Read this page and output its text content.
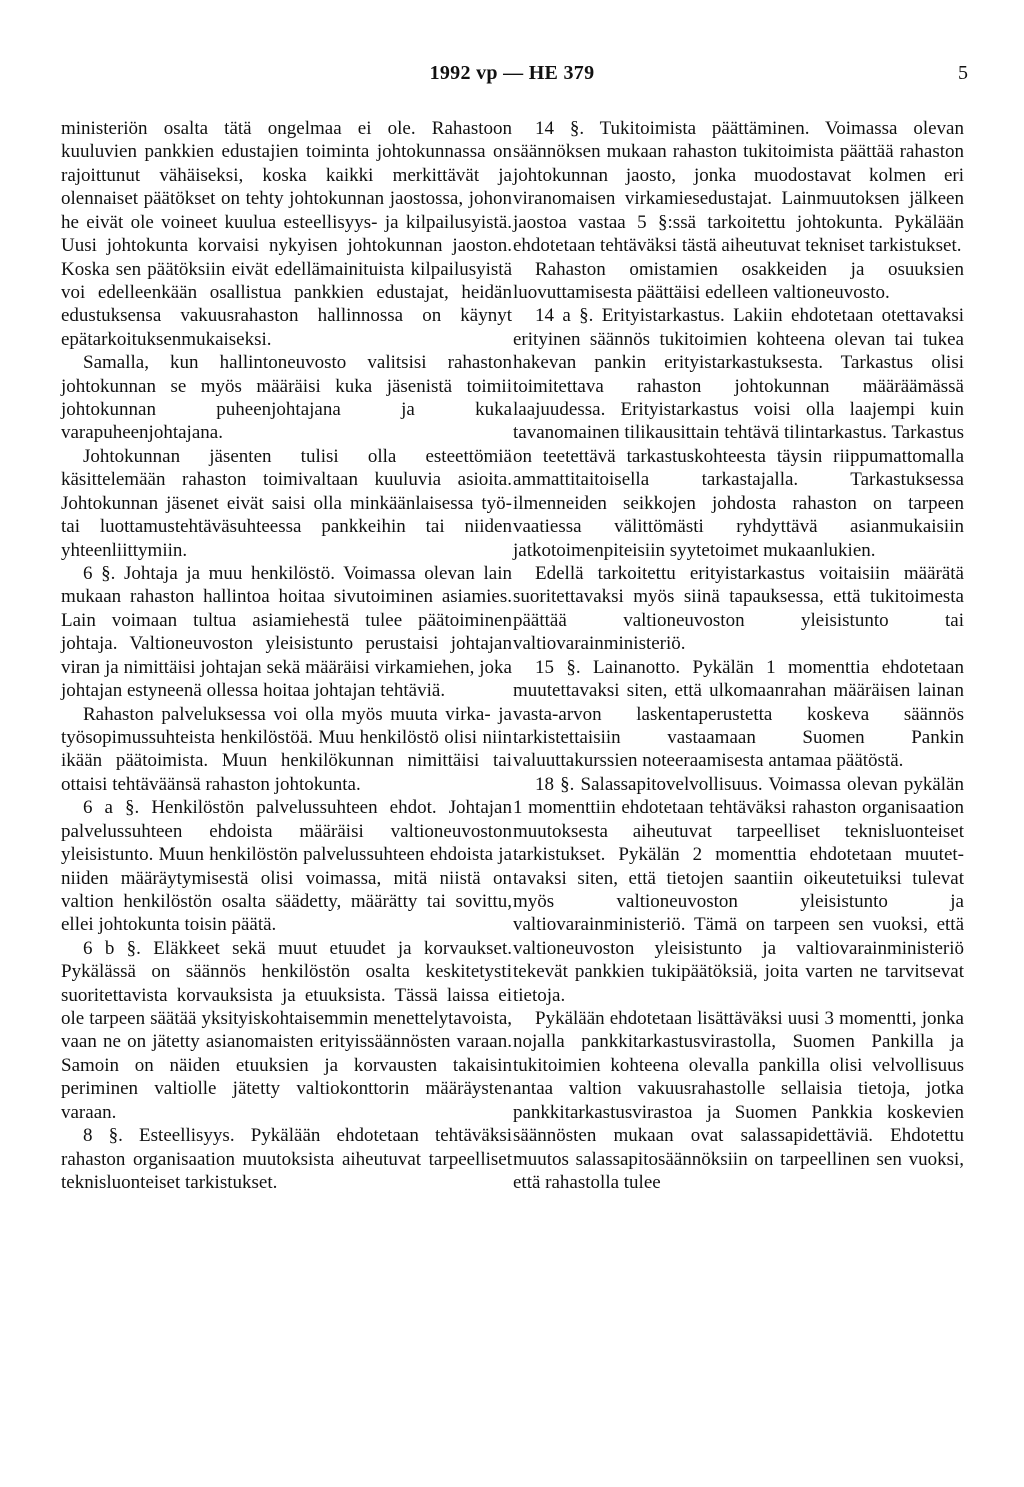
1992 vp — HE 379	5

ministeriön osalta tätä ongelmaa ei ole. Rahastoon kuuluvien pankkien edustajien toiminta johtokunnassa on rajoittunut vähäiseksi, koska kaikki merkittävät ja olennaiset päätökset on tehty johtokunnan jaostossa, johon he eivät ole voineet kuulua esteellisyys- ja kilpailusyistä. Uusi johtokunta korvaisi nykyisen johtokunnan jaoston. Koska sen päätöksiin eivät edellämainituista kilpailusyistä voi edelleenkään osallistua pankkien edustajat, heidän edustuksensa vakuusrahaston hallinnossa on käynyt epätarkoituksenmukaiseksi.

Samalla, kun hallintoneuvosto valitsisi rahaston johtokunnan se myös määräisi kuka jäsenistä toimii johtokunnan puheenjohtajana ja kuka varapuheenjohtajana.

Johtokunnan jäsenten tulisi olla esteettömiä käsittelemään rahaston toimivaltaan kuuluvia asioita. Johtokunnan jäsenet eivät saisi olla minkäänlaisessa työ- tai luottamustehtäväsuhteessa pankkeihin tai niiden yhteenliittymiin.

6 §. Johtaja ja muu henkilöstö. Voimassa olevan lain mukaan rahaston hallintoa hoitaa sivutoiminen asiamies. Lain voimaan tultua asiamiehestä tulee päätoiminen johtaja. Valtioneuvoston yleisistunto perustaisi johtajan viran ja nimittäisi johtajan sekä määräisi virkamiehen, joka johtajan estyneenä ollessa hoitaa johtajan tehtäviä.

Rahaston palveluksessa voi olla myös muuta virka- ja työsopimussuhteista henkilöstöä. Muu henkilöstö olisi niin ikään päätoimista. Muun henkilökunnan nimittäisi tai ottaisi tehtäväänsä rahaston johtokunta.

6 a §. Henkilöstön palvelussuhteen ehdot. Johtajan palvelussuhteen ehdoista määräisi valtioneuvoston yleisistunto. Muun henkilöstön palvelussuhteen ehdoista ja niiden määräytymisestä olisi voimassa, mitä niistä on valtion henkilöstön osalta säädetty, määrätty tai sovittu, ellei johtokunta toisin päätä.

6 b §. Eläkkeet sekä muut etuudet ja korvaukset. Pykälässä on säännös henkilöstön osalta keskitetysti suoritettavista korvauksista ja etuuksista. Tässä laissa ei ole tarpeen säätää yksityiskohtaisemmin menettelytavoista, vaan ne on jätetty asianomaisten erityissäännösten varaan. Samoin on näiden etuuksien ja korvausten takaisin periminen valtiolle jätetty valtiokonttorin määräysten varaan.

8 §. Esteellisyys. Pykälään ehdotetaan tehtäväksi rahaston organisaation muutoksista aiheutuvat tarpeelliset teknisluonteiset tarkistukset.

14 §. Tukitoimista päättäminen. Voimassa olevan säännöksen mukaan rahaston tukitoimista päättää rahaston johtokunnan jaosto, jonka muodostavat kolmen eri viranomaisen virkamiesedustajat. Lainmuutoksen jälkeen jaostoa vastaa 5 §:ssä tarkoitettu johtokunta. Pykälään ehdotetaan tehtäväksi tästä aiheutuvat tekniset tarkistukset.

Rahaston omistamien osakkeiden ja osuuksien luovuttamisesta päättäisi edelleen valtioneuvosto.

14 a §. Erityistarkastus. Lakiin ehdotetaan otettavaksi erityinen säännös tukitoimien kohteena olevan tai tukea hakevan pankin erityistarkastuksesta. Tarkastus olisi toimitettava rahaston johtokunnan määräämässä laajuudessa. Erityistarkastus voisi olla laajempi kuin tavanomainen tilikausittain tehtävä tilintarkastus. Tarkastus on teetettävä tarkastuskohteesta täysin riippumattomalla ammattitaitoisella tarkastajalla. Tarkastuksessa ilmenneiden seikkojen johdosta rahaston on tarpeen vaatiessa välittömästi ryhdyttävä asianmukaisiin jatkotoimenpiteisiin syytetoimet mukaanlukien.

Edellä tarkoitettu erityistarkastus voitaisiin määrätä suoritettavaksi myös siinä tapauksessa, että tukitoimesta päättää valtioneuvoston yleisistunto tai valtiovarainministeriö.

15 §. Lainanotto. Pykälän 1 momenttia ehdotetaan muutettavaksi siten, että ulkomaanrahan määräisen lainan vasta-arvon laskentaperustetta koskeva säännös tarkistettaisiin vastaamaan Suomen Pankin valuuttakurssien noteeraamisesta antamaa päätöstä.

18 §. Salassapitovelvollisuus. Voimassa olevan pykälän 1 momenttiin ehdotetaan tehtäväksi rahaston organisaation muutoksesta aiheutuvat tarpeelliset teknisluonteiset tarkistukset. Pykälän 2 momenttia ehdotetaan muutettavaksi siten, että tietojen saantiin oikeutetuiksi tulevat myös valtioneuvoston yleisistunto ja valtiovarainministeriö. Tämä on tarpeen sen vuoksi, että valtioneuvoston yleisistunto ja valtiovarainministeriö tekevät pankkien tukipäätöksiä, joita varten ne tarvitsevat tietoja.

Pykälään ehdotetaan lisättäväksi uusi 3 momentti, jonka nojalla pankkitarkastusvirastolla, Suomen Pankilla ja tukitoimien kohteena olevalla pankilla olisi velvollisuus antaa valtion vakuusrahastolle sellaisia tietoja, jotka pankkitarkastusvirastoa ja Suomen Pankkia koskevien säännösten mukaan ovat salassapidettäviä. Ehdotettu muutos salassapitosäännöksiin on tarpeellinen sen vuoksi, että rahastolla tulee
